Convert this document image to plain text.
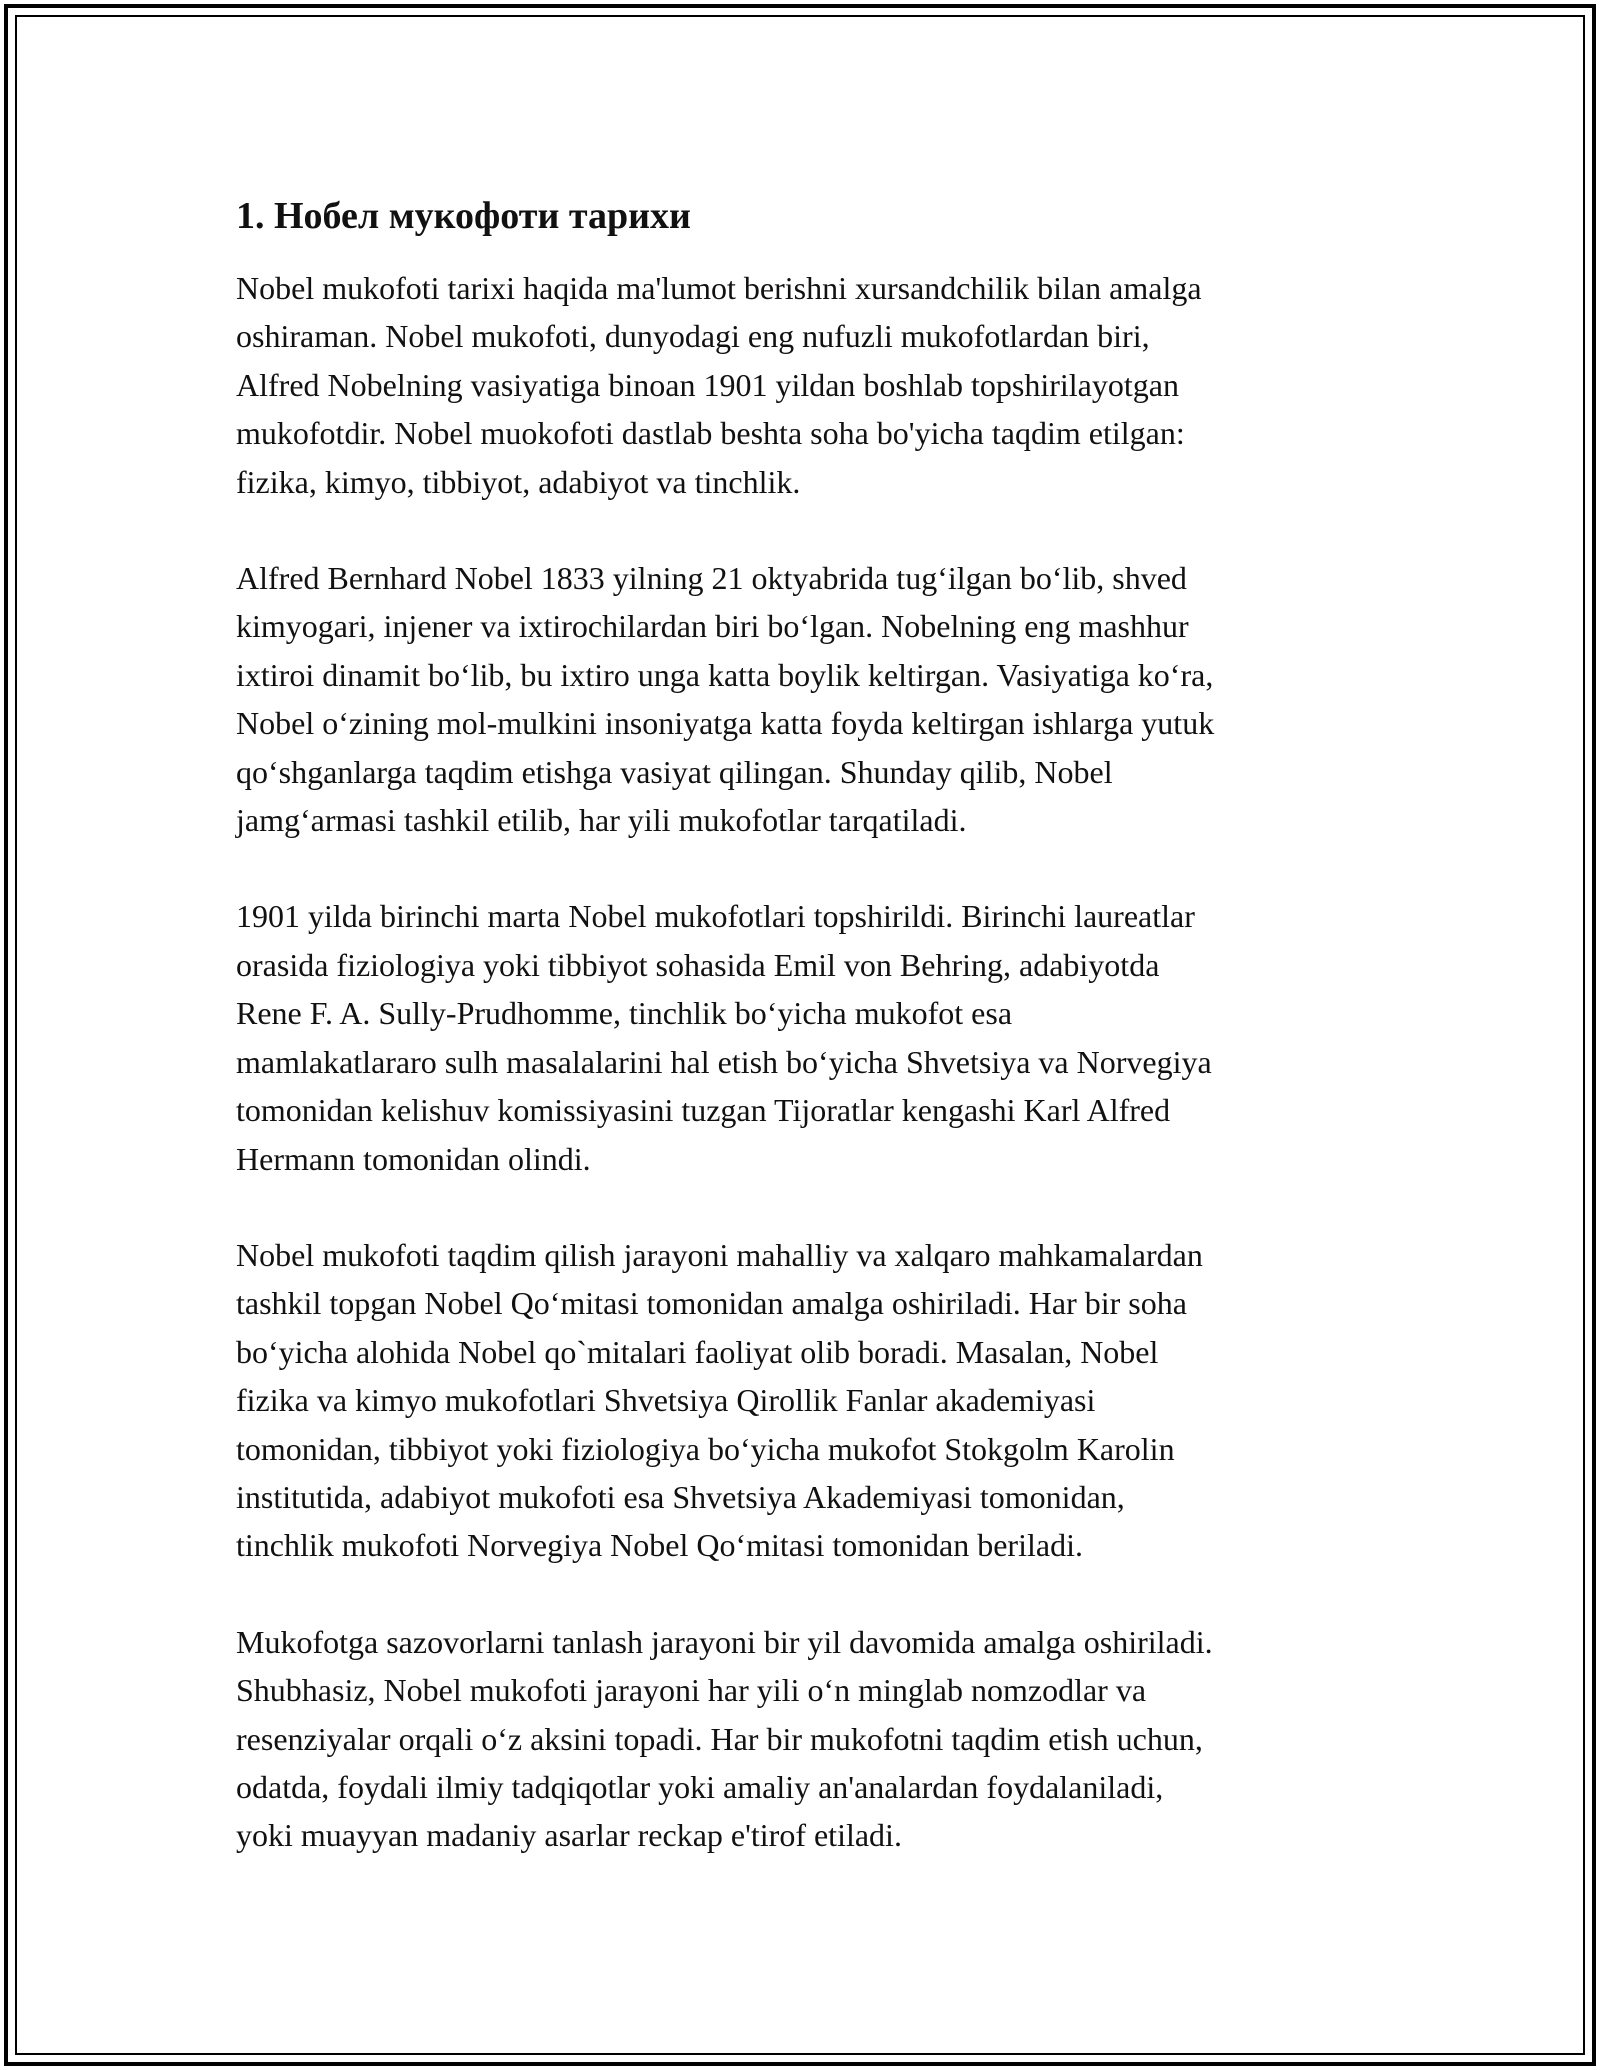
1. Нобел мукофоти тарихи

Nobel mukofoti tarixi haqida ma'lumot berishni xursandchilik bilan amalga
oshiraman. Nobel mukofoti, dunyodagi eng nufuzli mukofotlardan biri,
Alfred Nobelning vasiyatiga binoan 1901 yildan boshlab topshirilayotgan
mukofotdir. Nobel muokofoti dastlab beshta soha bo'yicha taqdim etilgan:
fizika, kimyo, tibbiyot, adabiyot va tinchlik.

Alfred Bernhard Nobel 1833 yilning 21 oktyabrida tug‘ilgan bo‘lib, shved
kimyogari, injener va ixtirochilardan biri bo‘lgan. Nobelning eng mashhur
ixtiroi dinamit bo‘lib, bu ixtiro unga katta boylik keltirgan. Vasiyatiga ko‘ra,
Nobel o‘zining mol-mulkini insoniyatga katta foyda keltirgan ishlarga yutuk
qo‘shganlarga taqdim etishga vasiyat qilingan. Shunday qilib, Nobel
jamg‘armasi tashkil etilib, har yili mukofotlar tarqatiladi.

1901 yilda birinchi marta Nobel mukofotlari topshirildi. Birinchi laureatlar
orasida fiziologiya yoki tibbiyot sohasida Emil von Behring, adabiyotda
Rene F. A. Sully-Prudhomme, tinchlik bo‘yicha mukofot esa
mamlakatlararo sulh masalalarini hal etish bo‘yicha Shvetsiya va Norvegiya
tomonidan kelishuv komissiyasini tuzgan Tijoratlar kengashi Karl Alfred
Hermann tomonidan olindi.

Nobel mukofoti taqdim qilish jarayoni mahalliy va xalqaro mahkamalardan
tashkil topgan Nobel Qo‘mitasi tomonidan amalga oshiriladi. Har bir soha
bo‘yicha alohida Nobel qo`mitalari faoliyat olib boradi. Masalan, Nobel
fizika va kimyo mukofotlari Shvetsiya Qirollik Fanlar akademiyasi
tomonidan, tibbiyot yoki fiziologiya bo‘yicha mukofot Stokgolm Karolin
institutida, adabiyot mukofoti esa Shvetsiya Akademiyasi tomonidan,
tinchlik mukofoti Norvegiya Nobel Qo‘mitasi tomonidan beriladi.

Mukofotga sazovorlarni tanlash jarayoni bir yil davomida amalga oshiriladi.
Shubhasiz, Nobel mukofoti jarayoni har yili o‘n minglab nomzodlar va
resenziyalar orqali o‘z aksini topadi. Har bir mukofotni taqdim etish uchun,
odatda, foydali ilmiy tadqiqotlar yoki amaliy an'analardan foydalaniladi,
yoki muayyan madaniy asarlar reckap e'tirof etiladi.
